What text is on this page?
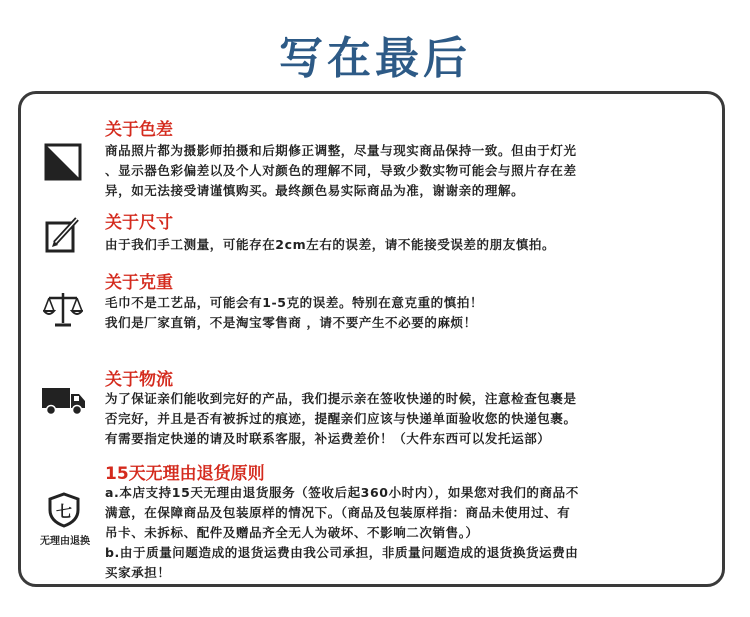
写在最后
关于色差

商品照片都为摄影师拍摄和后期修正调整，尽量与现实商品保持一致。但由于灯光

、显示器色彩偏差以及个人对颜色的理解不同，导致少数实物可能会与照片存在差

异，如无法接受请谨慎购买。最终颜色易实际商品为准，谢谢亲的理解。

关于尺寸

由于我们手工测量，可能存在2cm左右的误差，请不能接受误差的朋友慎拍。

关于克重

毛巾不是工艺品，可能会有1-5克的误差。特别在意克重的慎拍！

我们是厂家直销，不是淘宝零售商 ，请不要产生不必要的麻烦！

关于物流

为了保证亲们能收到完好的产品，我们提示亲在签收快递的时候，注意检查包裹是

否完好，并且是否有被拆过的痕迹，提醒亲们应该与快递单面验收您的快递包裹。

有需要指定快递的请及时联系客服，补运费差价！（大件东西可以发托运部）

七
无理由退换
15天无理由退货原则

a.本店支持15天无理由退货服务（签收后起360小时内），如果您对我们的商品不

满意，在保障商品及包装原样的情况下。（商品及包装原样指：商品未使用过、有

吊卡、未拆标、配件及赠品齐全无人为破坏、不影响二次销售。）

b.由于质量问题造成的退货运费由我公司承担，非质量问题造成的退货换货运费由

买家承担！
